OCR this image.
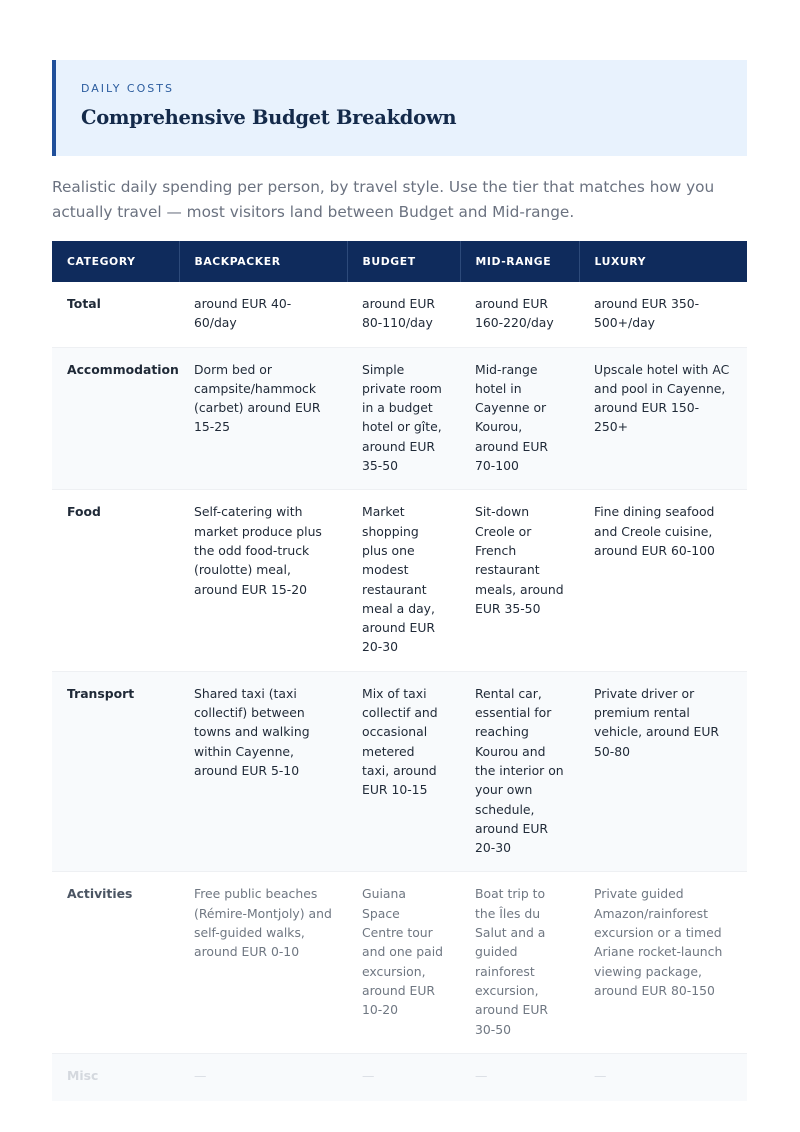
DAILY COSTS
Comprehensive Budget Breakdown
Realistic daily spending per person, by travel style. Use the tier that matches how you actually travel — most visitors land between Budget and Mid-range.
CATEGORY	BACKPACKER	BUDGET	MID-RANGE	LUXURY
Total	around EUR 40-60/day	around EUR 80-110/day	around EUR 160-220/day	around EUR 350-500+/day
Accommodation	Dorm bed or campsite/hammock (carbet) around EUR 15-25	Simple private room in a budget hotel or gîte, around EUR 35-50	Mid-range hotel in Cayenne or Kourou, around EUR 70-100	Upscale hotel with AC and pool in Cayenne, around EUR 150-250+
Food	Self-catering with market produce plus the odd food-truck (roulotte) meal, around EUR 15-20	Market shopping plus one modest restaurant meal a day, around EUR 20-30	Sit-down Creole or French restaurant meals, around EUR 35-50	Fine dining seafood and Creole cuisine, around EUR 60-100
Transport	Shared taxi (taxi collectif) between towns and walking within Cayenne, around EUR 5-10	Mix of taxi collectif and occasional metered taxi, around EUR 10-15	Rental car, essential for reaching Kourou and the interior on your own schedule, around EUR 20-30	Private driver or premium rental vehicle, around EUR 50-80
Activities	Free public beaches (Rémire-Montjoly) and self-guided walks, around EUR 0-10	Guiana Space Centre tour and one paid excursion, around EUR 10-20	Boat trip to the Îles du Salut and a guided rainforest excursion, around EUR 30-50	Private guided Amazon/rainforest excursion or a timed Ariane rocket-launch viewing package, around EUR 80-150
Misc	—	—	—	—
